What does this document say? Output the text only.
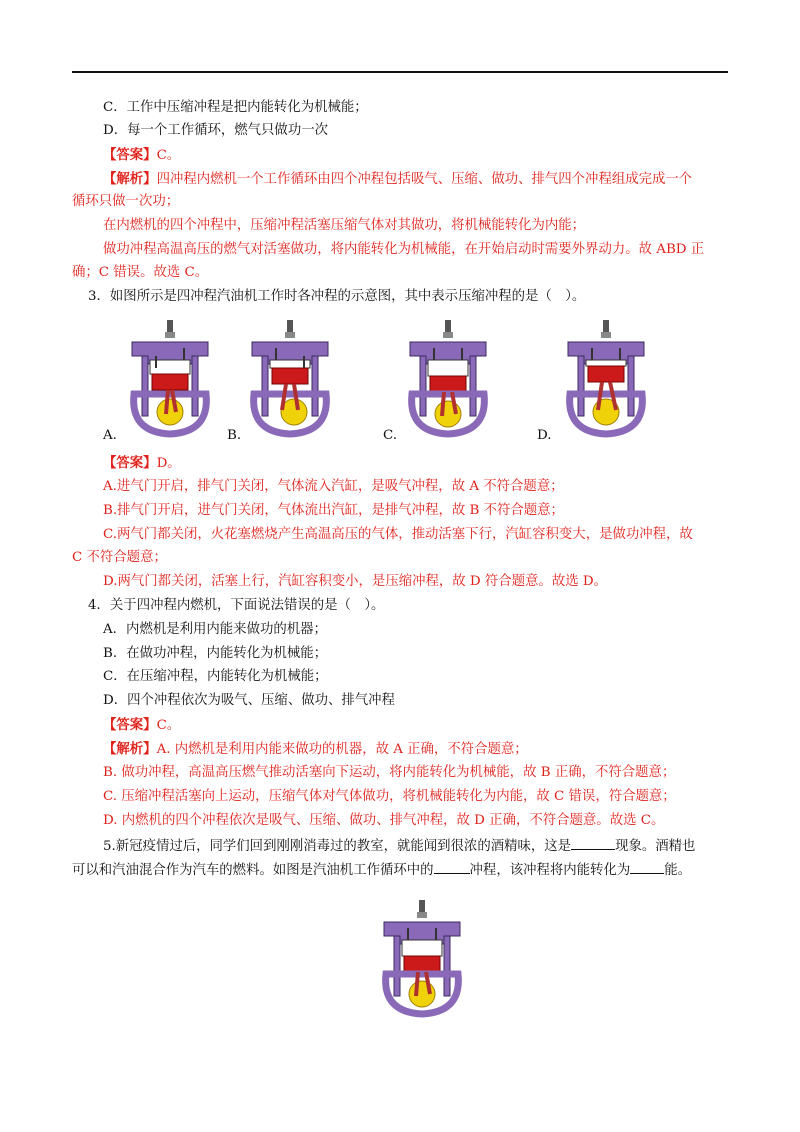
C．工作中压缩冲程是把内能转化为机械能；
D．每一个工作循环，燃气只做功一次
【答案】C。
【解析】四冲程内燃机一个工作循环由四个冲程包括吸气、压缩、做功、排气四个冲程组成完成一个
循环只做一次功；
在内燃机的四个冲程中，压缩冲程活塞压缩气体对其做功，将机械能转化为内能；
做功冲程高温高压的燃气对活塞做功，将内能转化为机械能，在开始启动时需要外界动力。故 ABD 正
确；C 错误。故选 C。
3．如图所示是四冲程汽油机工作时各冲程的示意图，其中表示压缩冲程的是（　）。
A.	B.	C.	D.
【答案】D。
A.进气门开启，排气门关闭，气体流入汽缸，是吸气冲程，故 A 不符合题意；
B.排气门开启，进气门关闭，气体流出汽缸，是排气冲程，故 B 不符合题意；
C.两气门都关闭，火花塞燃烧产生高温高压的气体，推动活塞下行，汽缸容积变大，是做功冲程，故
C 不符合题意；
D.两气门都关闭，活塞上行，汽缸容积变小，是压缩冲程，故 D 符合题意。故选 D。
4．关于四冲程内燃机，下面说法错误的是（　）。
A．内燃机是利用内能来做功的机器；
B．在做功冲程，内能转化为机械能；
C．在压缩冲程，内能转化为机械能；
D．四个冲程依次为吸气、压缩、做功、排气冲程
【答案】C。
【解析】A. 内燃机是利用内能来做功的机器，故 A 正确，不符合题意；
B. 做功冲程，高温高压燃气推动活塞向下运动，将内能转化为机械能，故 B 正确，不符合题意；
C. 压缩冲程活塞向上运动，压缩气体对气体做功，将机械能转化为内能，故 C 错误，符合题意；
D. 内燃机的四个冲程依次是吸气、压缩、做功、排气冲程，故 D 正确，不符合题意。故选 C。
5.新冠疫情过后，同学们回到刚刚消毒过的教室，就能闻到很浓的酒精味，这是	现象。酒精也
可以和汽油混合作为汽车的燃料。如图是汽油机工作循环中的	冲程，该冲程将内能转化为	能。
